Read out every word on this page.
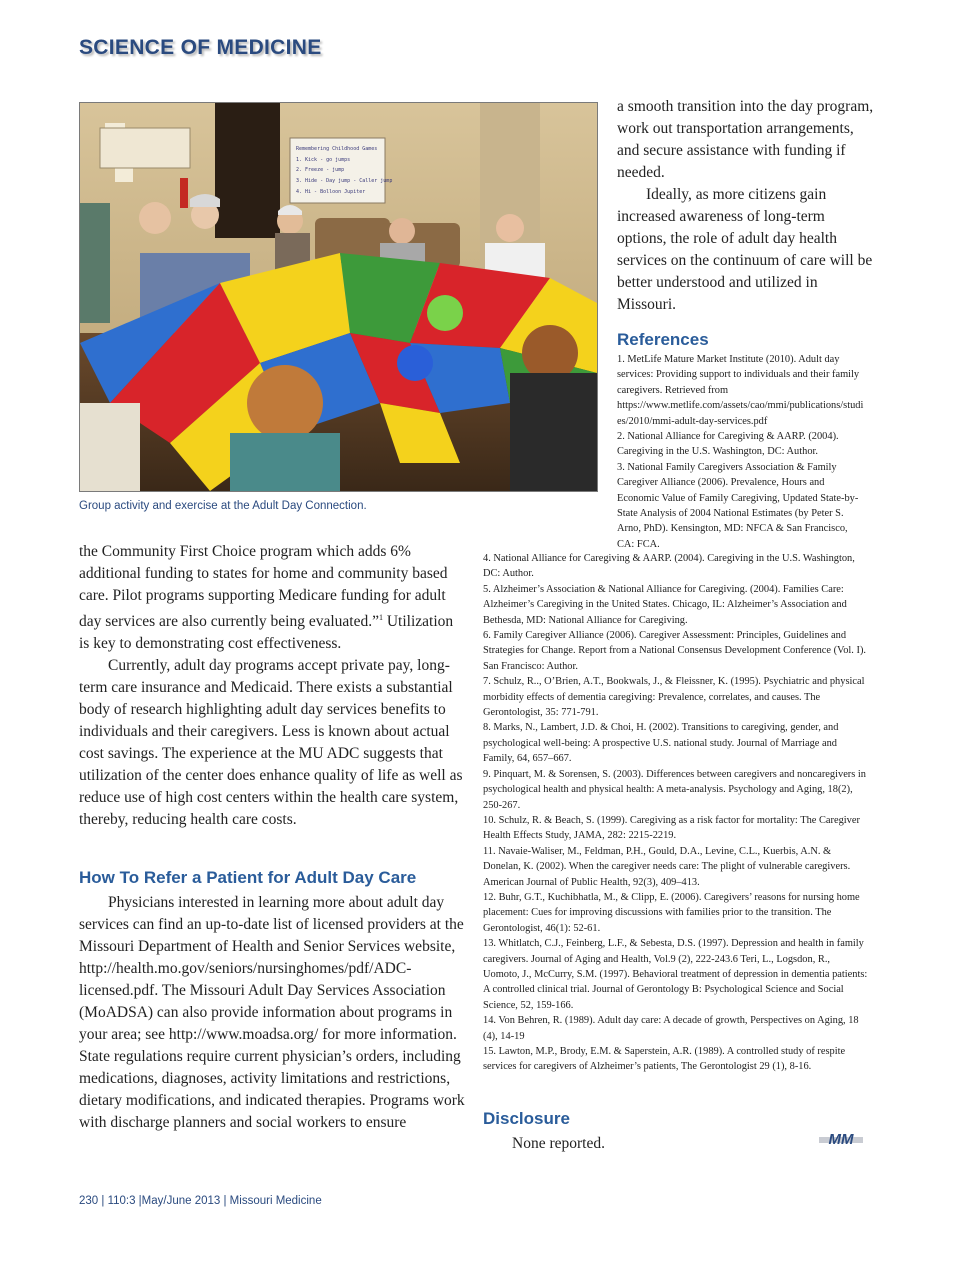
SCIENCE OF MEDICINE
Remembering Childhood Games
1. Kick - go jumps
2. Freeze - jump
3. Hide - Day jump - Caller jump
4. Hi - Bolloon Jupiter
Group activity and exercise at the Adult Day Connection.

a smooth transition into the day program, work out transportation arrangements, and secure assistance with funding if needed.

Ideally, as more citizens gain increased awareness of long-term options, the role of adult day health services on the continuum of care will be better understood and utilized in Missouri.

the Community First Choice program which adds 6% additional funding to states for home and community based care. Pilot programs supporting Medicare funding for adult day services are also currently being evaluated.”$^1$ Utilization is key to demonstrating cost effectiveness.

Currently, adult day programs accept private pay, long-term care insurance and Medicaid. There exists a substantial body of research highlighting adult day services benefits to individuals and their caregivers. Less is known about actual cost savings. The experience at the MU ADC suggests that utilization of the center does enhance quality of life as well as reduce use of high cost centers within the health care system, thereby, reducing health care costs.

How To Refer a Patient for Adult Day Care

Physicians interested in learning more about adult day services can find an up-to-date list of licensed providers at the Missouri Department of Health and Senior Services website, http://health.mo.gov/seniors/nursinghomes/pdf/ADC-licensed.pdf. The Missouri Adult Day Services Association (MoADSA) can also provide information about programs in your area; see http://www.moadsa.org/ for more information. State regulations require current physician’s orders, including medications, diagnoses, activity limitations and restrictions, dietary modifications, and indicated therapies. Programs work with discharge planners and social workers to ensure

References

1. MetLife Mature Market Institute (2010). Adult day services: Providing support to individuals and their family caregivers. Retrieved from https://www.metlife.com/assets/cao/mmi/publications/studies/2010/mmi-adult-day-services.pdf

2. National Alliance for Caregiving & AARP. (2004). Caregiving in the U.S. Washington, DC: Author.

3. National Family Caregivers Association & Family Caregiver Alliance (2006). Prevalence, Hours and Economic Value of Family Caregiving, Updated State-by-State Analysis of 2004 National Estimates (by Peter S. Arno, PhD). Kensington, MD: NFCA & San Francisco, CA: FCA.

4. National Alliance for Caregiving & AARP. (2004). Caregiving in the U.S. Washington, DC: Author.

5. Alzheimer’s Association & National Alliance for Caregiving. (2004). Families Care: Alzheimer’s Caregiving in the United States. Chicago, IL: Alzheimer’s Association and Bethesda, MD: National Alliance for Caregiving.

6. Family Caregiver Alliance (2006). Caregiver Assessment: Principles, Guidelines and Strategies for Change. Report from a National Consensus Development Conference (Vol. I). San Francisco: Author.

7. Schulz, R.., O’Brien, A.T., Bookwals, J., & Fleissner, K. (1995). Psychiatric and physical morbidity effects of dementia caregiving: Prevalence, correlates, and causes. The Gerontologist, 35: 771-791.

8. Marks, N., Lambert, J.D. & Choi, H. (2002). Transitions to caregiving, gender, and psychological well-being: A prospective U.S. national study. Journal of Marriage and Family, 64, 657–667.

9. Pinquart, M. & Sorensen, S. (2003). Differences between caregivers and noncaregivers in psychological health and physical health: A meta-analysis. Psychology and Aging, 18(2), 250-267.

10. Schulz, R. & Beach, S. (1999). Caregiving as a risk factor for mortality: The Caregiver Health Effects Study, JAMA, 282: 2215-2219.

11. Navaie-Waliser, M., Feldman, P.H., Gould, D.A., Levine, C.L., Kuerbis, A.N. & Donelan, K. (2002). When the caregiver needs care: The plight of vulnerable caregivers. American Journal of Public Health, 92(3), 409–413.

12. Buhr, G.T., Kuchibhatla, M., & Clipp, E. (2006). Caregivers’ reasons for nursing home placement: Cues for improving discussions with families prior to the transition. The Gerontologist, 46(1): 52-61.

13. Whitlatch, C.J., Feinberg, L.F., & Sebesta, D.S. (1997). Depression and health in family caregivers. Journal of Aging and Health, Vol.9 (2), 222-243.6 Teri, L., Logsdon, R., Uomoto, J., McCurry, S.M. (1997). Behavioral treatment of depression in dementia patients: A controlled clinical trial. Journal of Gerontology B: Psychological Science and Social Science, 52, 159-166.

14. Von Behren, R. (1989). Adult day care: A decade of growth, Perspectives on Aging, 18 (4), 14-19

15. Lawton, M.P., Brody, E.M. & Saperstein, A.R. (1989). A controlled study of respite services for caregivers of Alzheimer’s patients, The Gerontologist 29 (1), 8-16.

Disclosure
None reported.	MM
230 | 110:3 |May/June 2013 | Missouri Medicine
